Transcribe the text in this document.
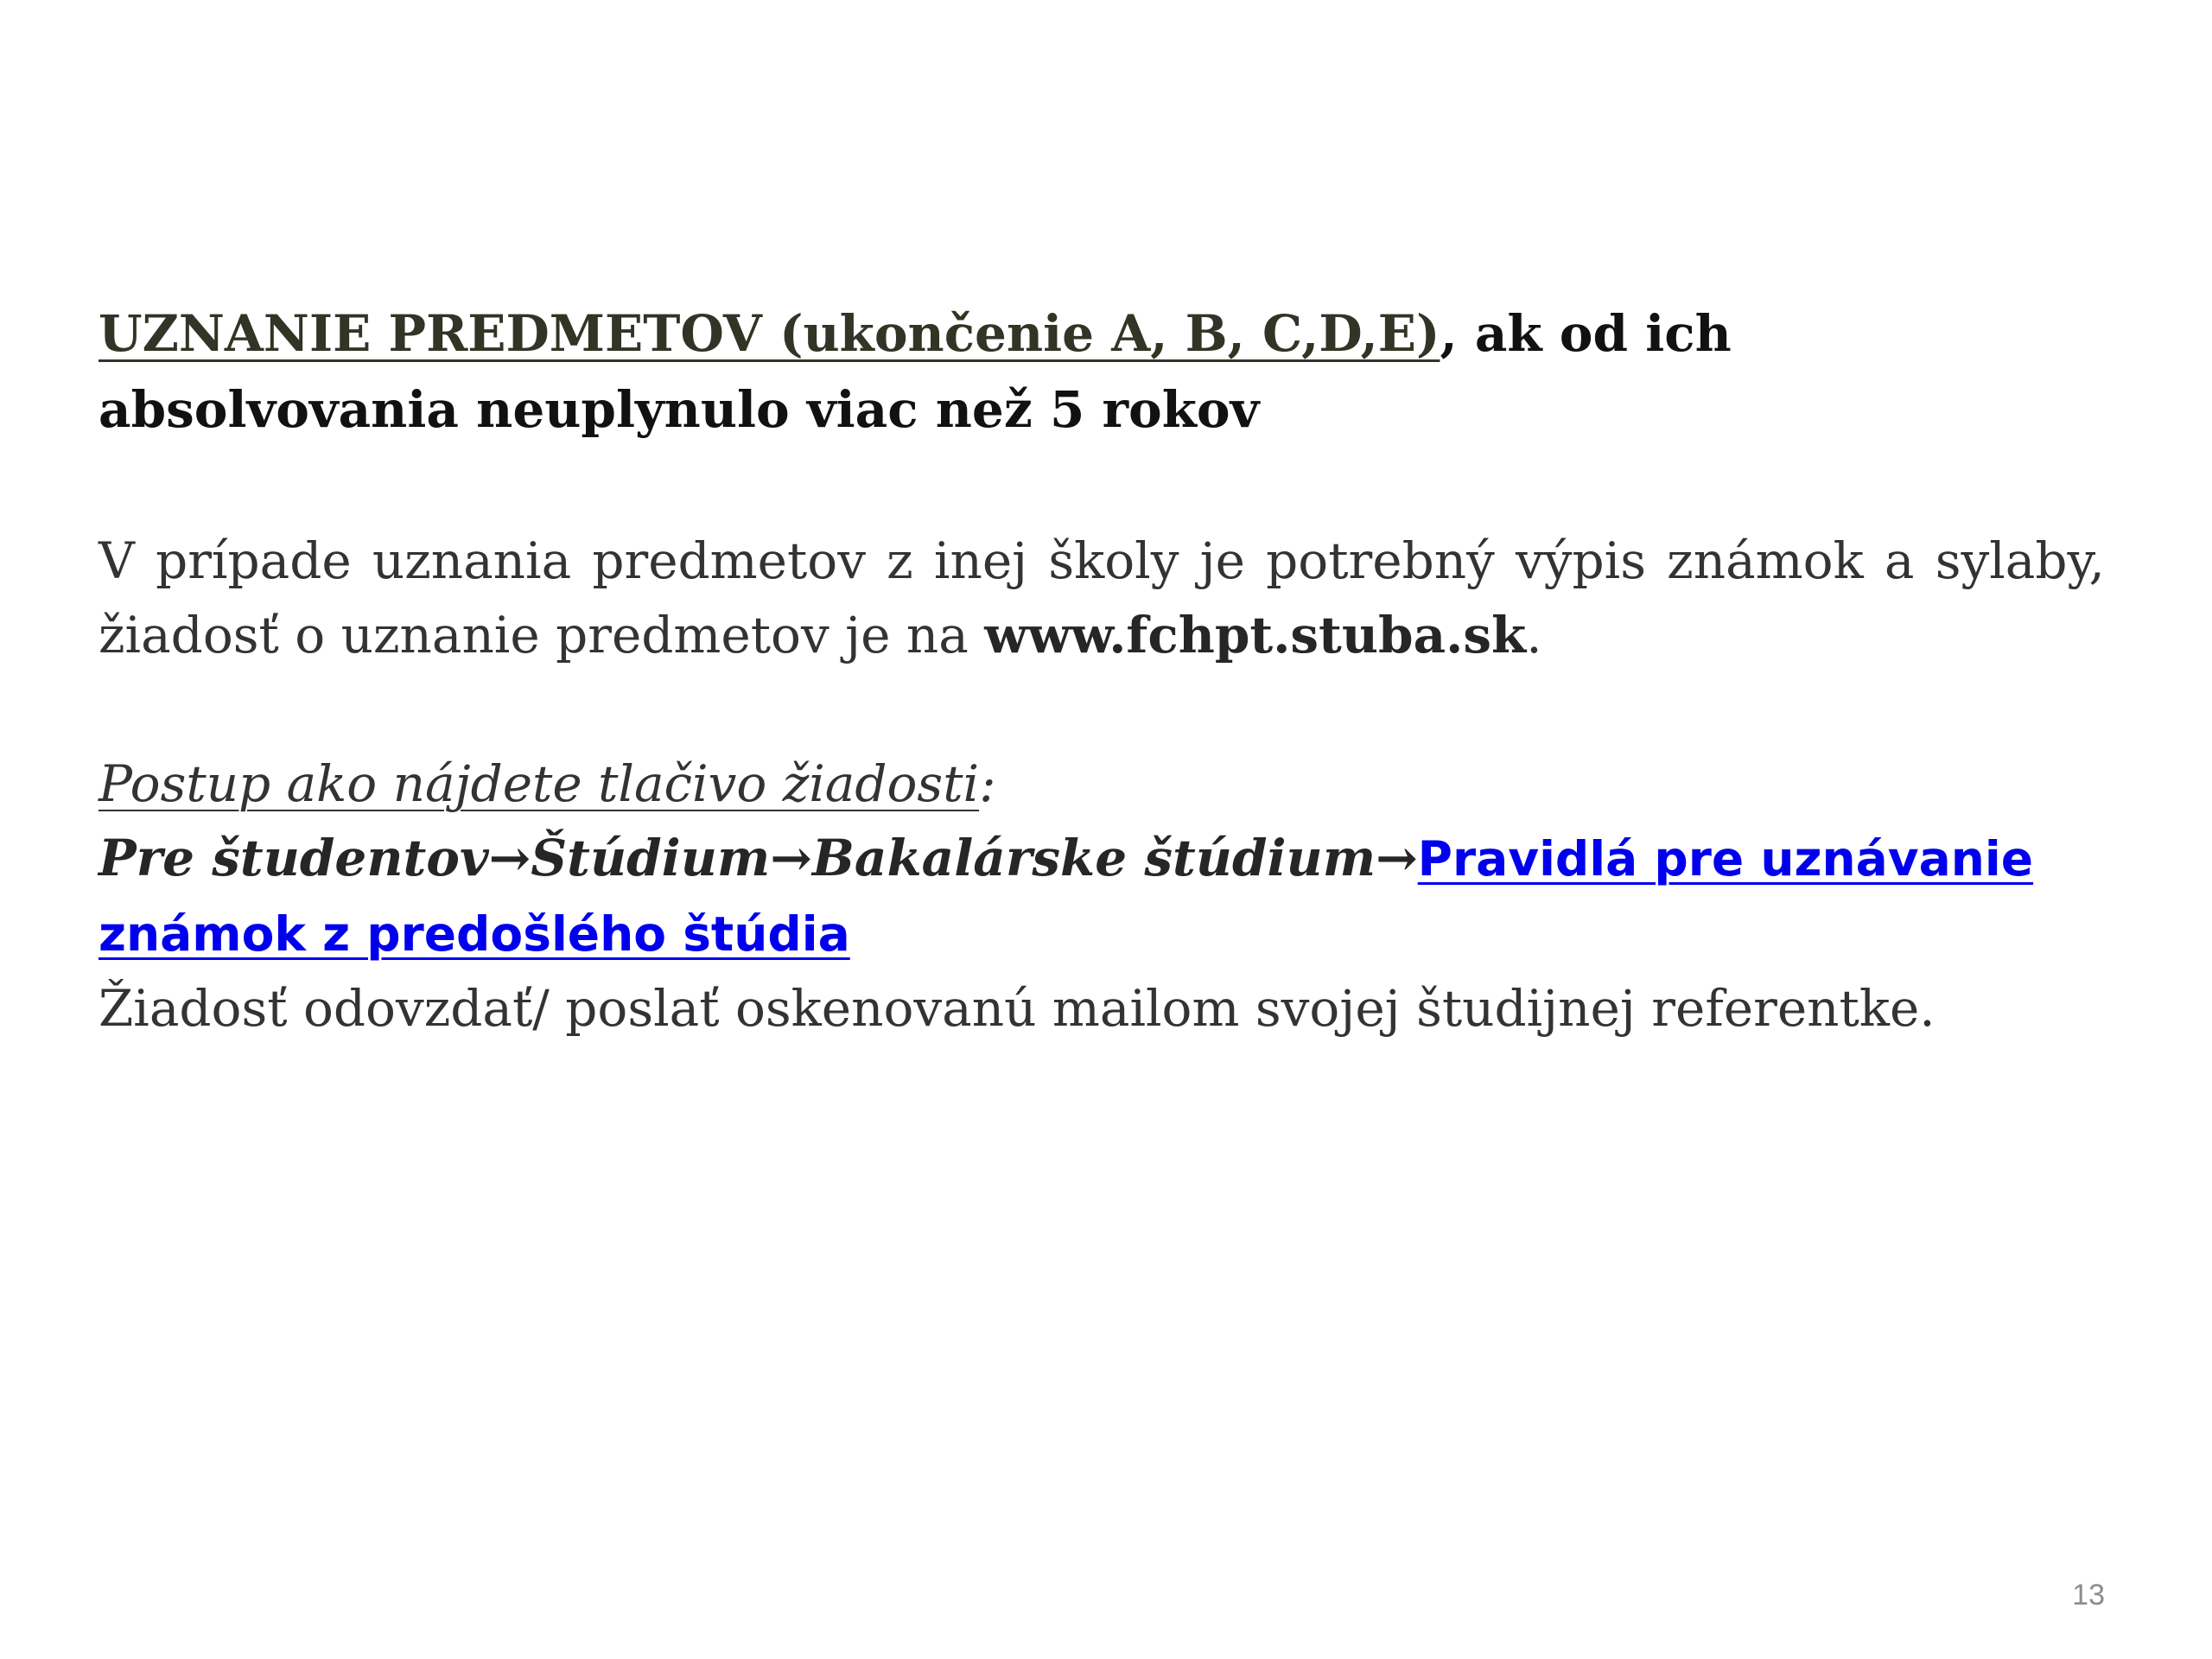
UZNANIE PREDMETOV (ukončenie A, B, C,D,E), ak od ich absolvovania neuplynulo viac než 5 rokov

V prípade uznania predmetov z inej školy je potrebný výpis známok a sylaby, žiadosť o uznanie predmetov je na www.fchpt.stuba.sk.

Postup ako nájdete tlačivo žiadosti:

Pre študentov→Štúdium→Bakalárske štúdium→Pravidlá pre uznávanie známok z predošlého štúdia

Žiadosť odovzdať/ poslať oskenovanú mailom svojej študijnej referentke.

13
